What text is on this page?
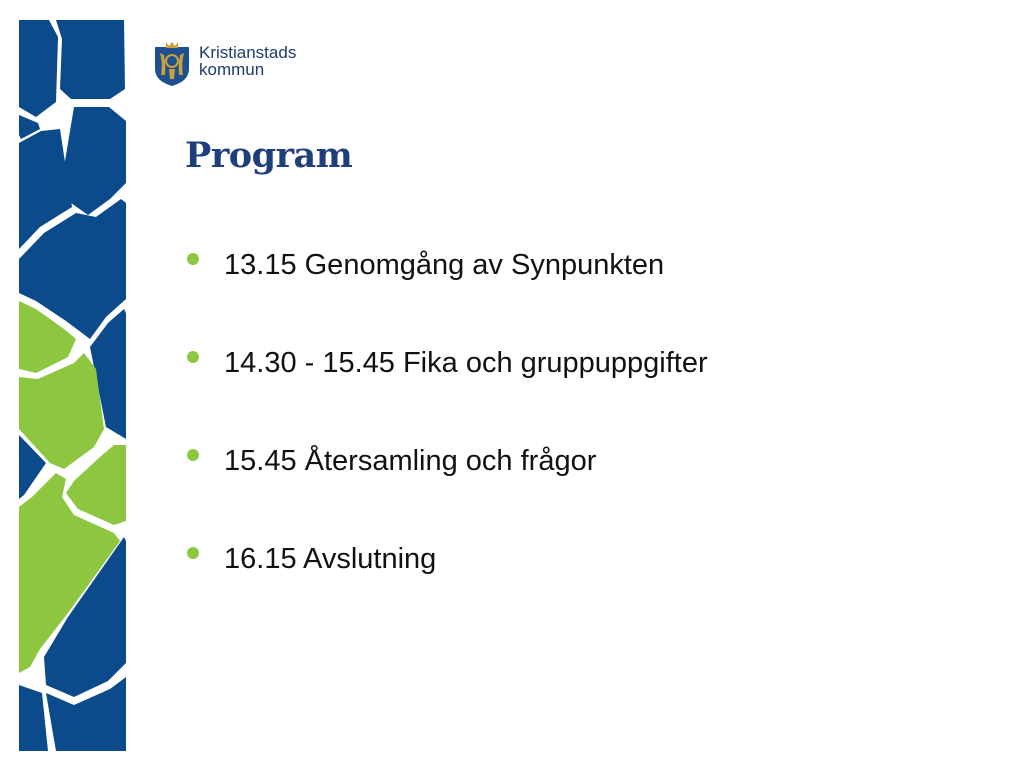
Kristianstads
kommun
Program
13.15 Genomgång av Synpunkten
14.30 - 15.45 Fika och gruppuppgifter
15.45 Återsamling och frågor
16.15 Avslutning
